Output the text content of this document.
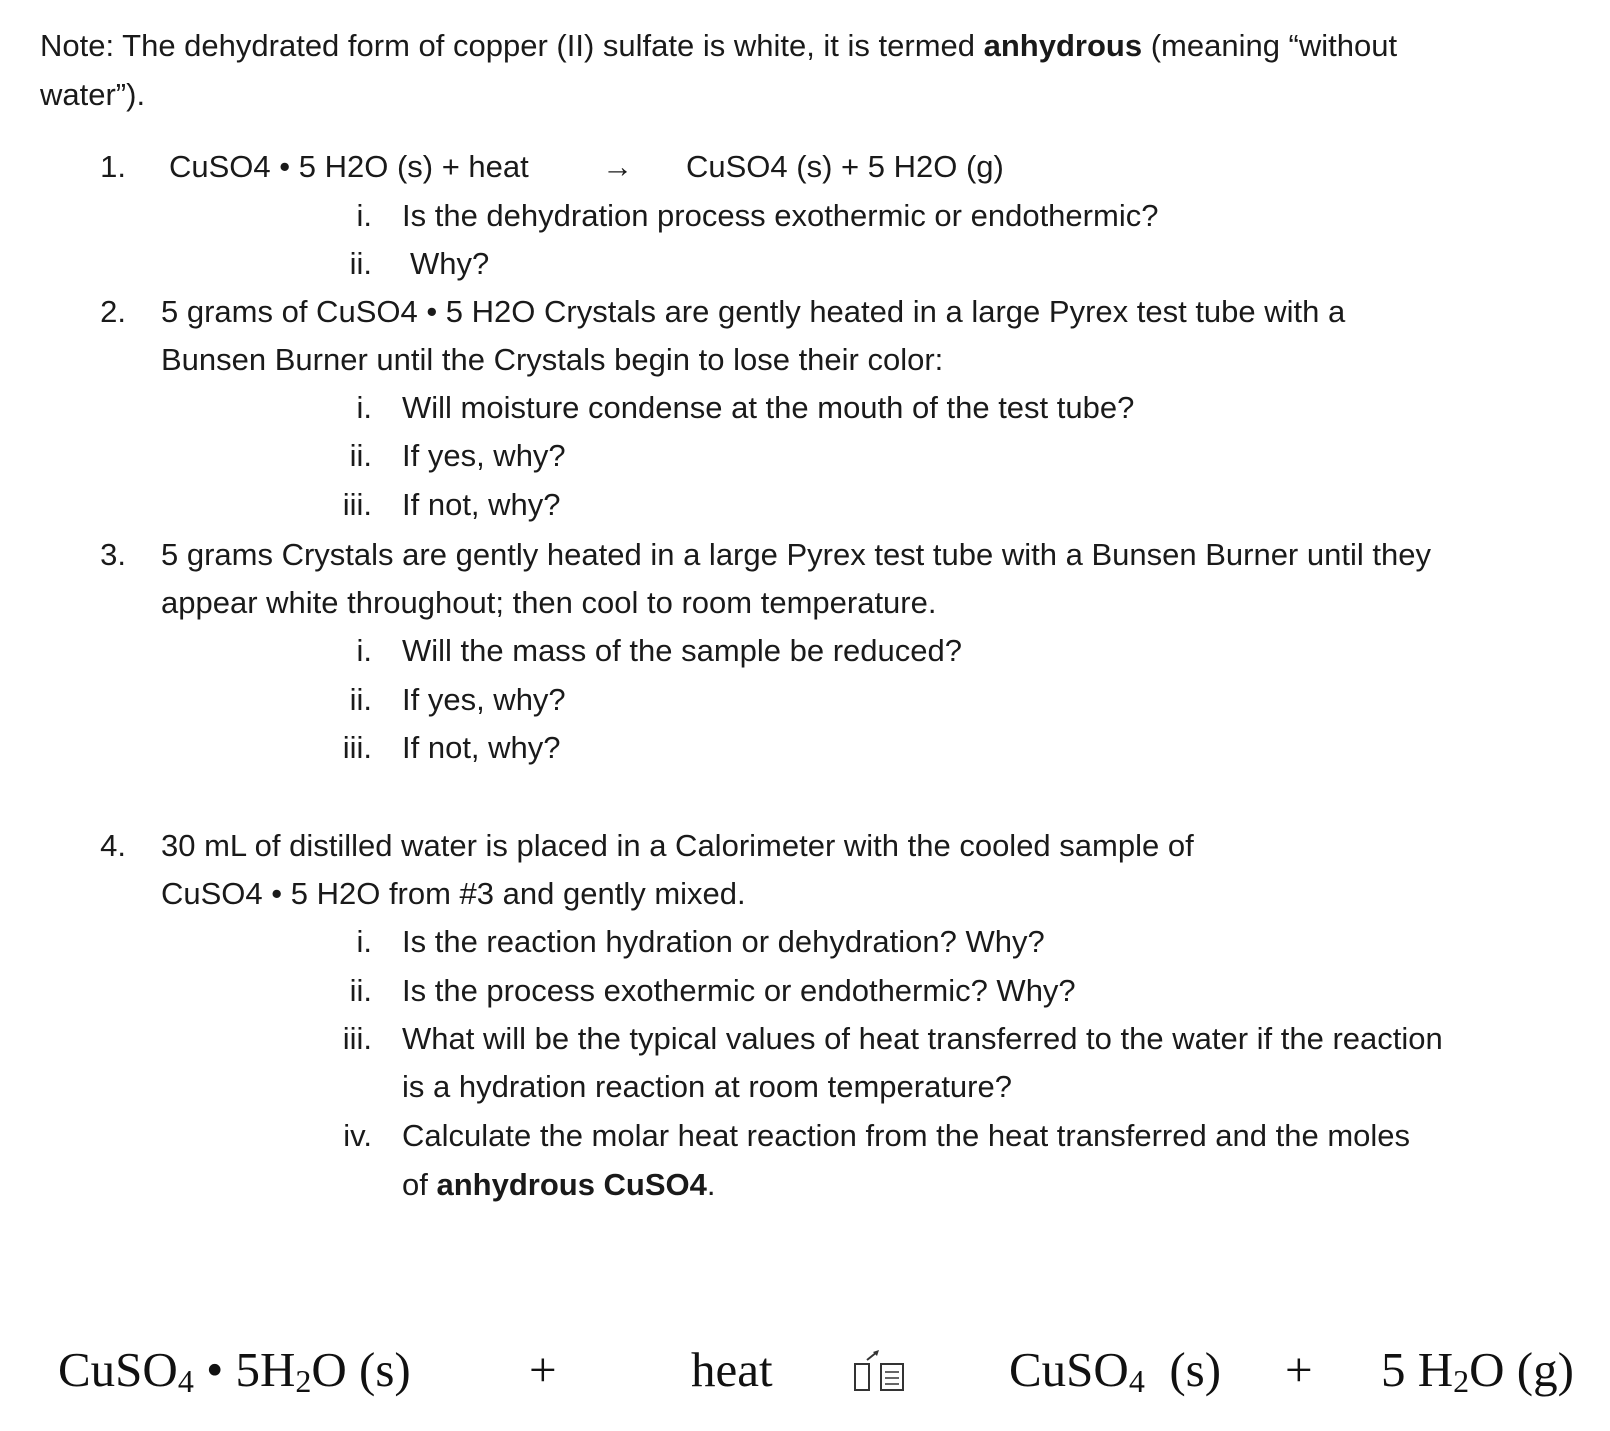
Note: The dehydrated form of copper (II) sulfate is white, it is termed anhydrous (meaning “without
water”).
1. CuSO4 • 5 H2O (s) + heat → CuSO4 (s) + 5 H2O (g)
i. Is the dehydration process exothermic or endothermic?
ii. Why?
2. 5 grams of CuSO4 • 5 H2O Crystals are gently heated in a large Pyrex test tube with a
Bunsen Burner until the Crystals begin to lose their color:
i. Will moisture condense at the mouth of the test tube?
ii. If yes, why?
iii. If not, why?
3. 5 grams Crystals are gently heated in a large Pyrex test tube with a Bunsen Burner until they
appear white throughout; then cool to room temperature.
i. Will the mass of the sample be reduced?
ii. If yes, why?
iii. If not, why?
4. 30 mL of distilled water is placed in a Calorimeter with the cooled sample of
CuSO4 • 5 H2O from #3 and gently mixed.
i. Is the reaction hydration or dehydration? Why?
ii. Is the process exothermic or endothermic? Why?
iii. What will be the typical values of heat transferred to the water if the reaction
is a hydration reaction at room temperature?
iv. Calculate the molar heat reaction from the heat transferred and the moles
of anhydrous CuSO4.
CuSO$_4$ • $5H_2O$ (s) +	heat	CuSO$_4$  (s) + 5 $H_2O$ (g)
